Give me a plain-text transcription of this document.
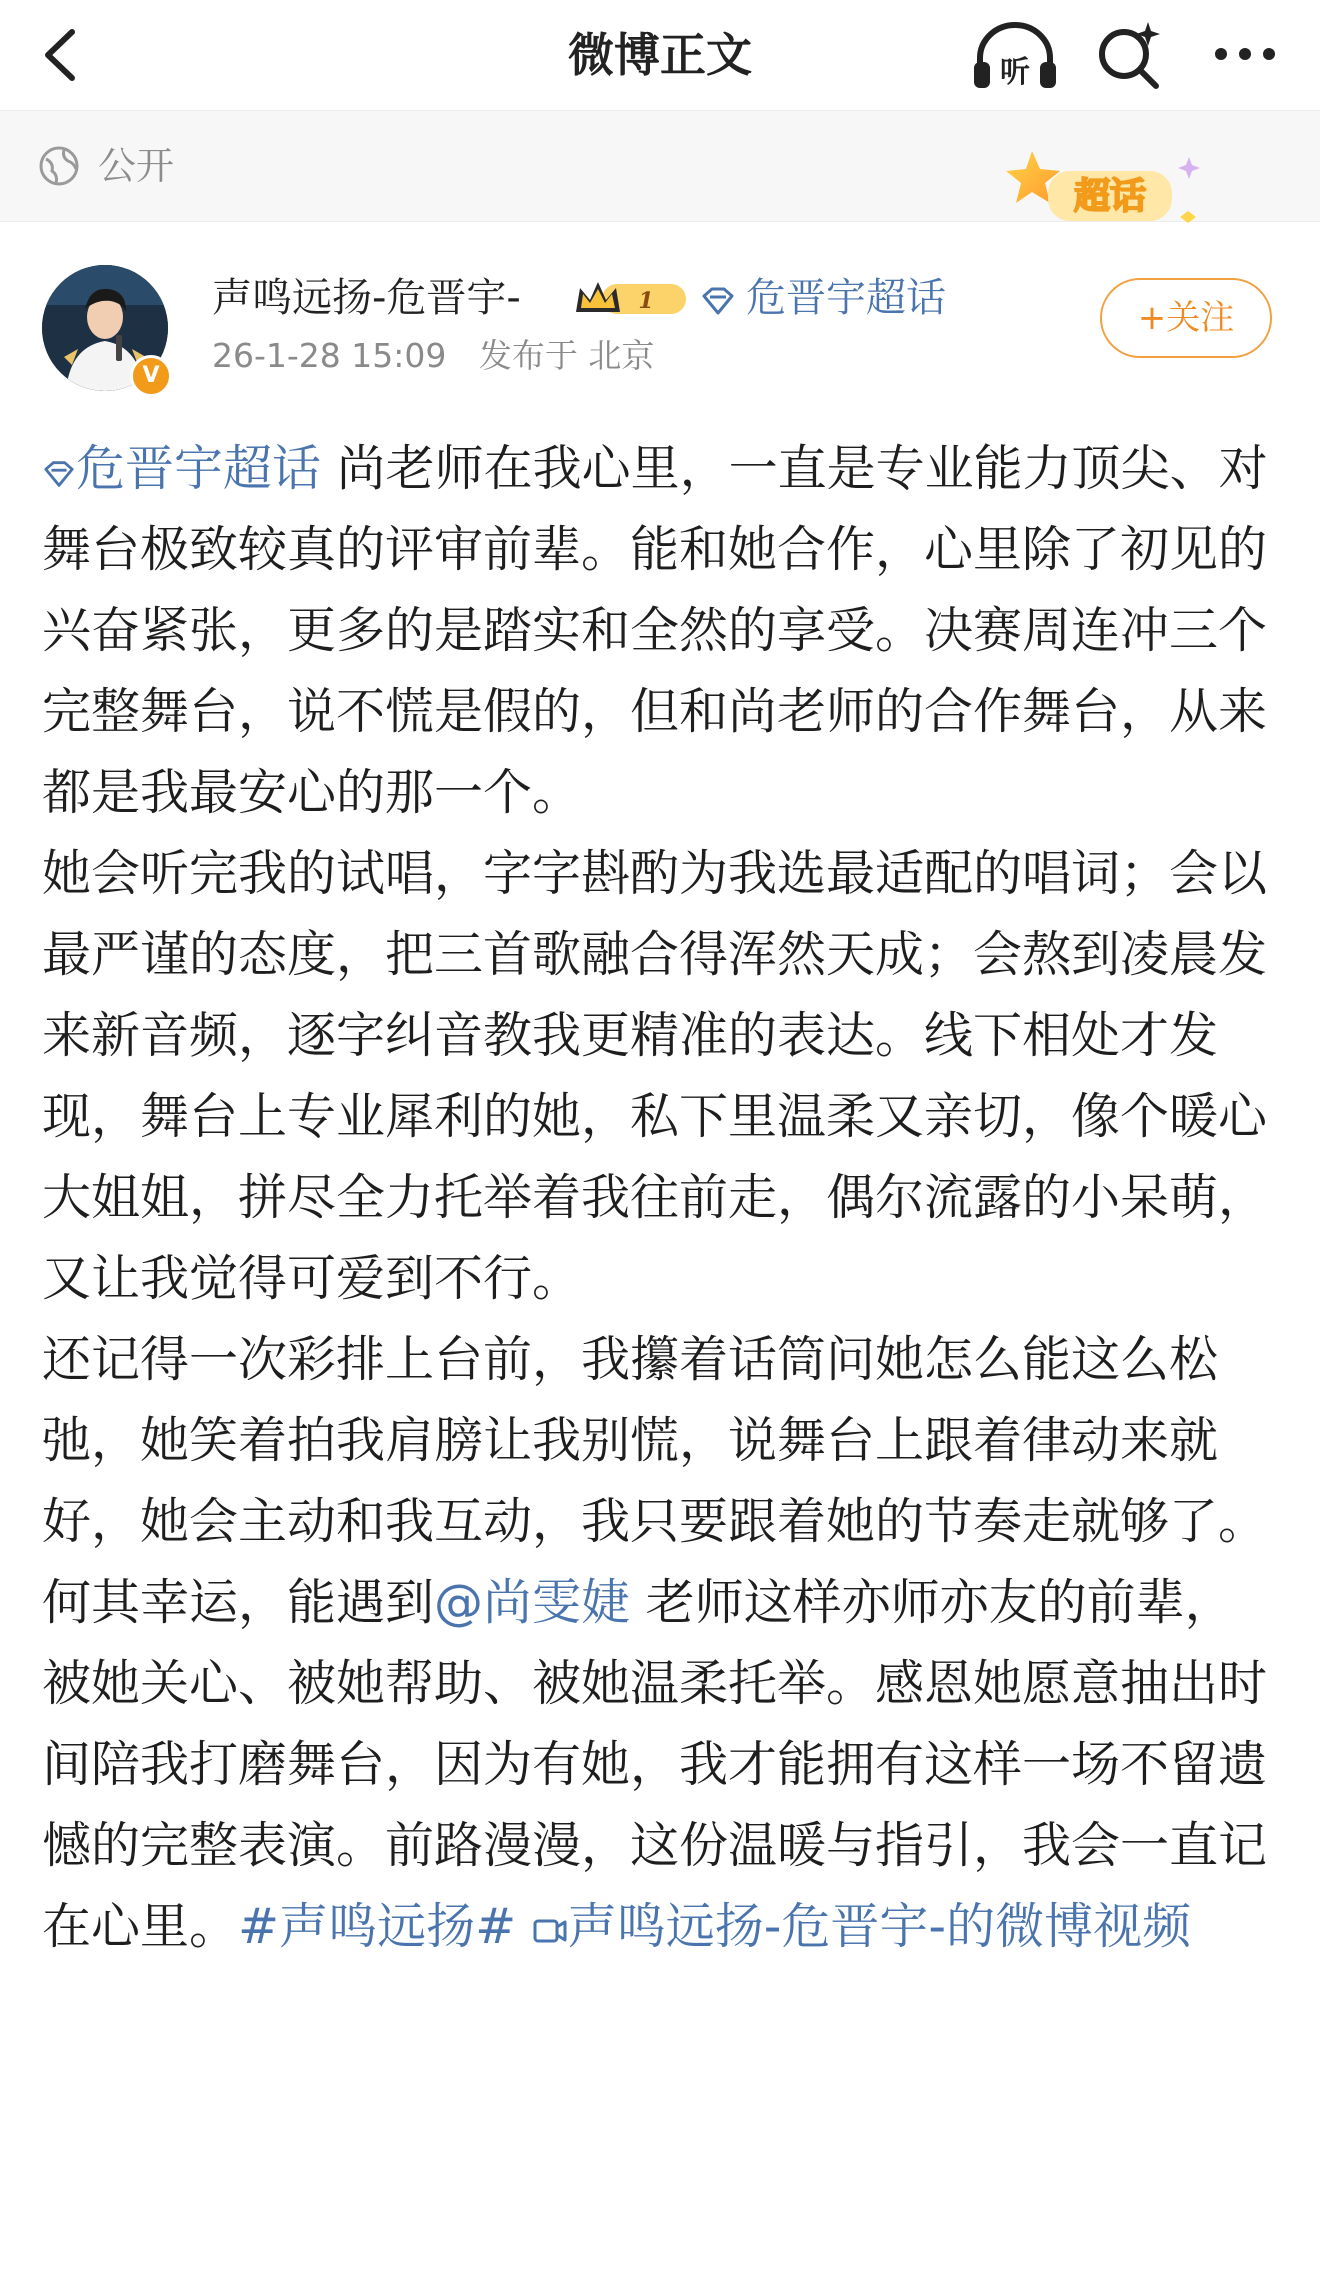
微博正文	听
公开
超话
V
声鸣远扬-危晋宇-	1 危晋宇超话
26-1-28 15:09 发布于 北京
+关注

危晋宇超话 尚老师在我心里，一直是专业能力顶尖、对舞台极致较真的评审前辈。能和她合作，心里除了初见的兴奋紧张，更多的是踏实和全然的享受。决赛周连冲三个完整舞台，说不慌是假的，但和尚老师的合作舞台，从来都是我最安心的那一个。

她会听完我的试唱，字字斟酌为我选最适配的唱词；会以最严谨的态度，把三首歌融合得浑然天成；会熬到凌晨发来新音频，逐字纠音教我更精准的表达。线下相处才发现，舞台上专业犀利的她，私下里温柔又亲切，像个暖心大姐姐，拼尽全力托举着我往前走，偶尔流露的小呆萌，又让我觉得可爱到不行。

还记得一次彩排上台前，我攥着话筒问她怎么能这么松弛，她笑着拍我肩膀让我别慌，说舞台上跟着律动来就好，她会主动和我互动，我只要跟着她的节奏走就够了。

何其幸运，能遇到@尚雯婕 老师这样亦师亦友的前辈，被她关心、被她帮助、被她温柔托举。感恩她愿意抽出时间陪我打磨舞台，因为有她，我才能拥有这样一场不留遗憾的完整表演。前路漫漫，这份温暖与指引，我会一直记在心里。#声鸣远扬# 声鸣远扬-危晋宇-的微博视频
